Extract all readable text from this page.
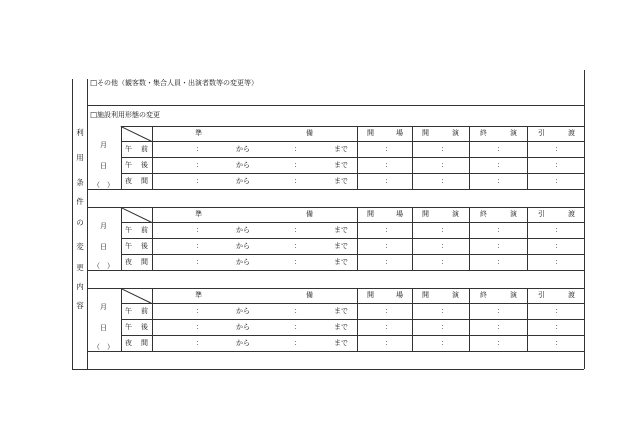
☐ その他（観客数・集合人員・出演者数等の変更等）
☐ 施設利用形態の変更
利
用
条
件
の
変
更
内
容
準	備	開	場	開	演	終	演	引	渡
月
日
（　）
午 前	：	から	：	まで	：	：	：	：
午 後	：	から	：	まで	：	：	：	：
夜 間	：	から	：	まで	：	：	：	：
準	備	開	場	開	演	終	演	引	渡
月
日
（　）
午 前	：	から	：	まで	：	：	：	：
午 後	：	から	：	まで	：	：	：	：
夜 間	：	から	：	まで	：	：	：	：
準	備	開	場	開	演	終	演	引	渡
月
日
（　）
午 前	：	から	：	まで	：	：	：	：
午 後	：	から	：	まで	：	：	：	：
夜 間	：	から	：	まで	：	：	：	：
